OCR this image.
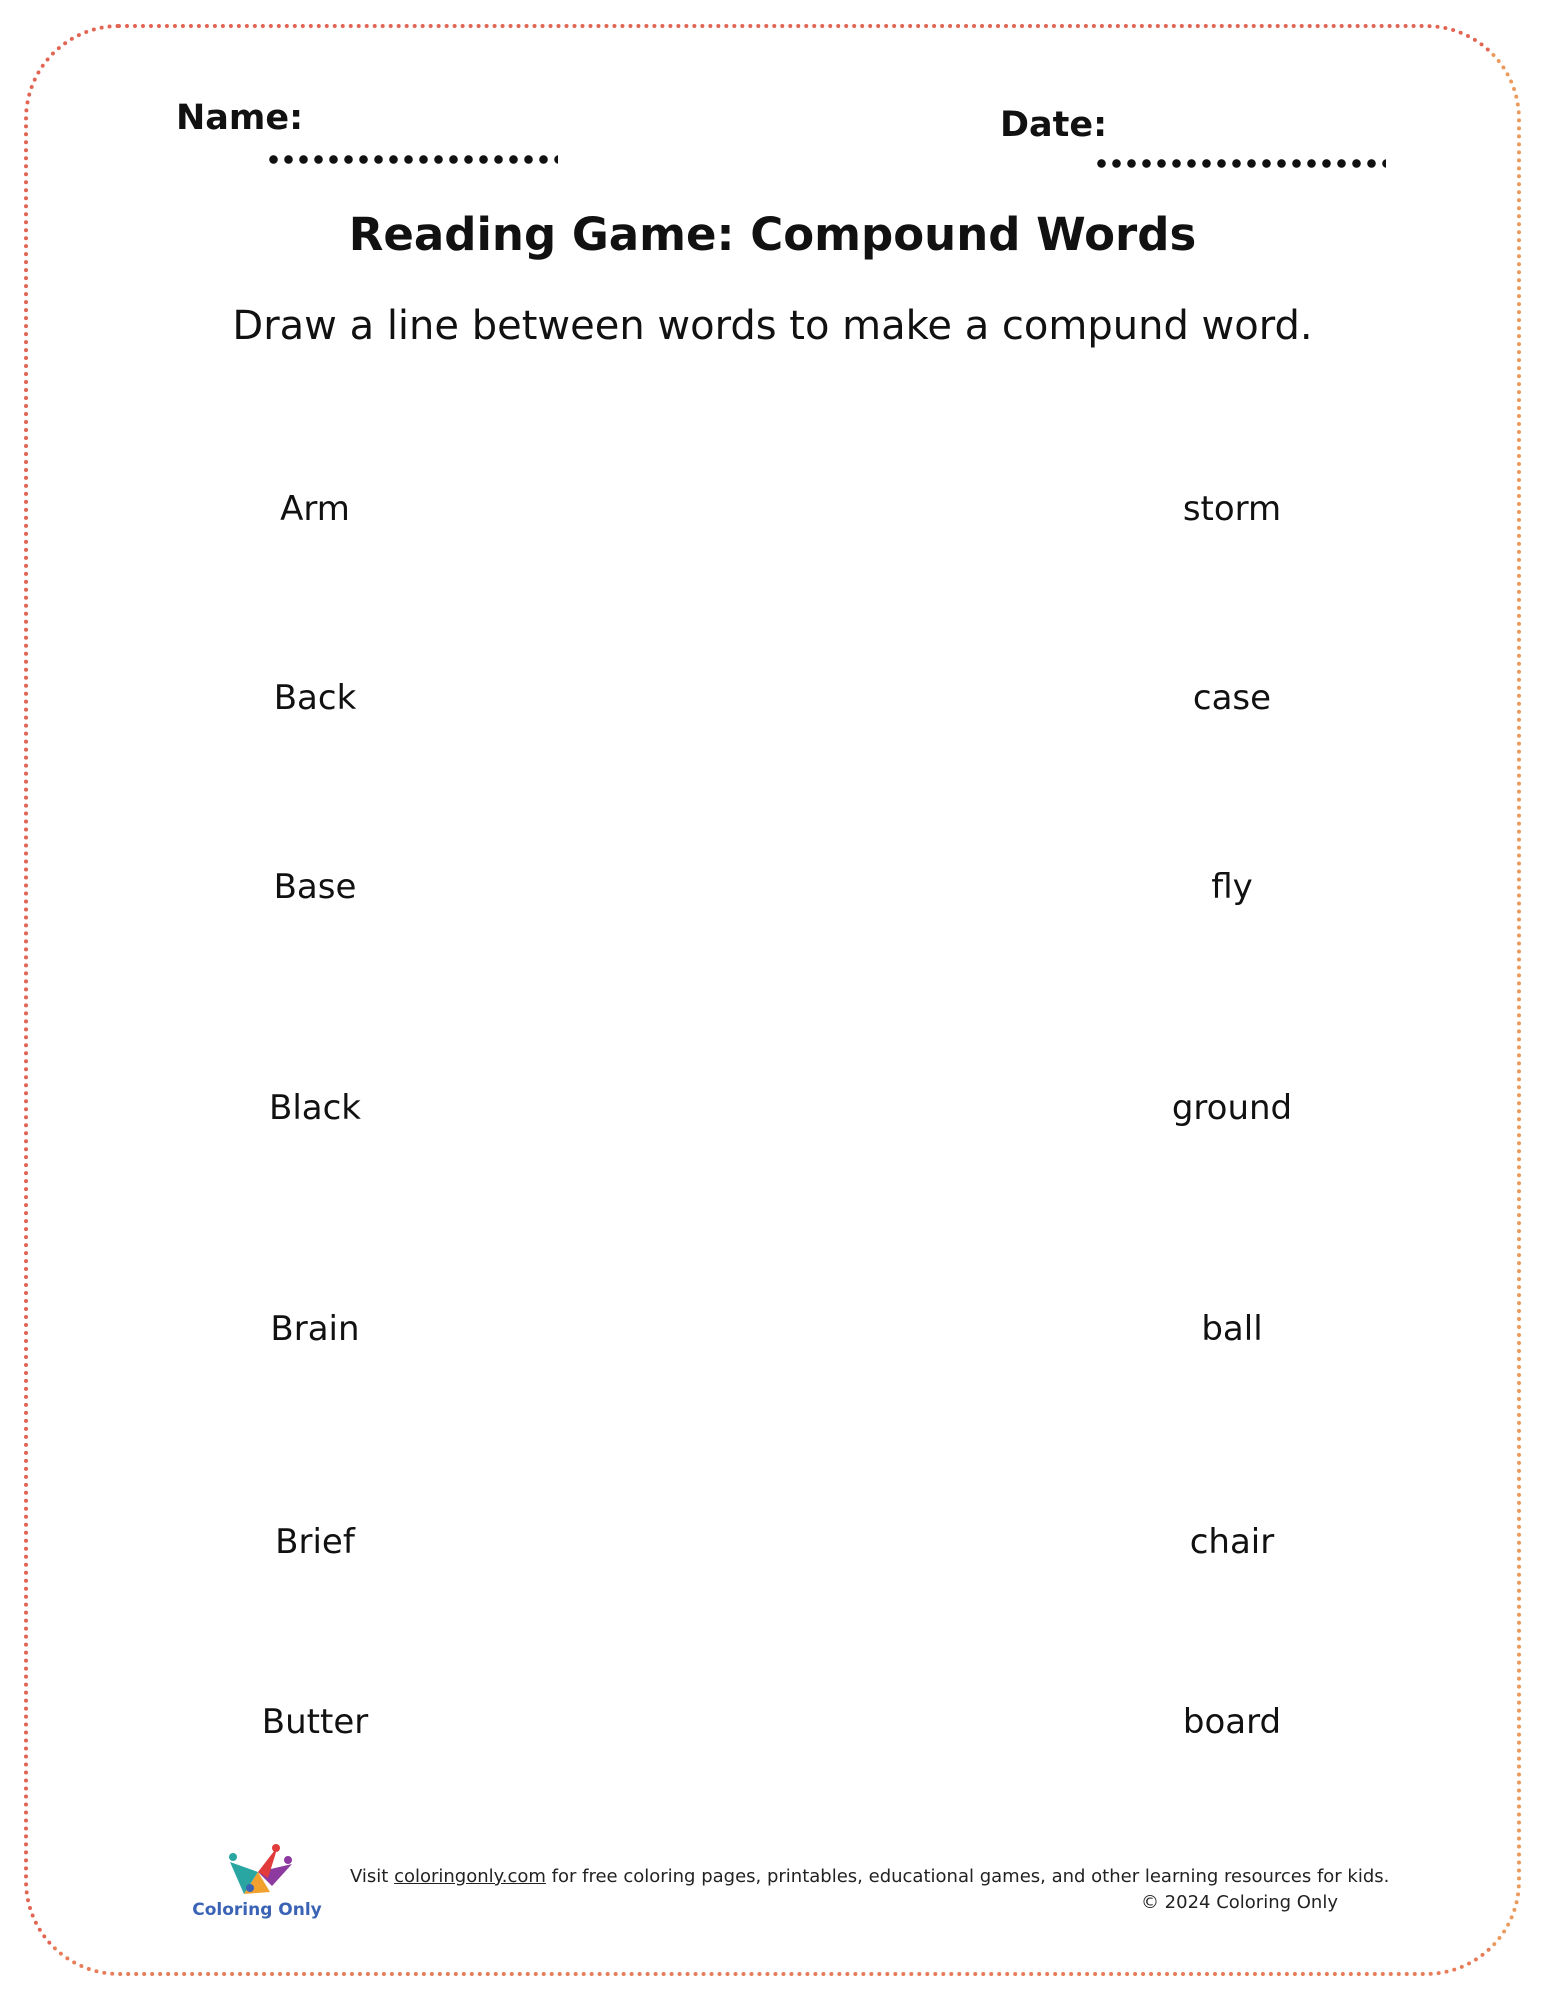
Name:	Date:
Reading Game: Compound Words
Draw a line between words to make a compund word.
Arm
Back
Base
Black
Brain
Brief
Butter
storm
case
fly
ground
ball
chair
board
Coloring Only
Visit coloringonly.com for free coloring pages, printables, educational games, and other learning resources for kids.
© 2024 Coloring Only
